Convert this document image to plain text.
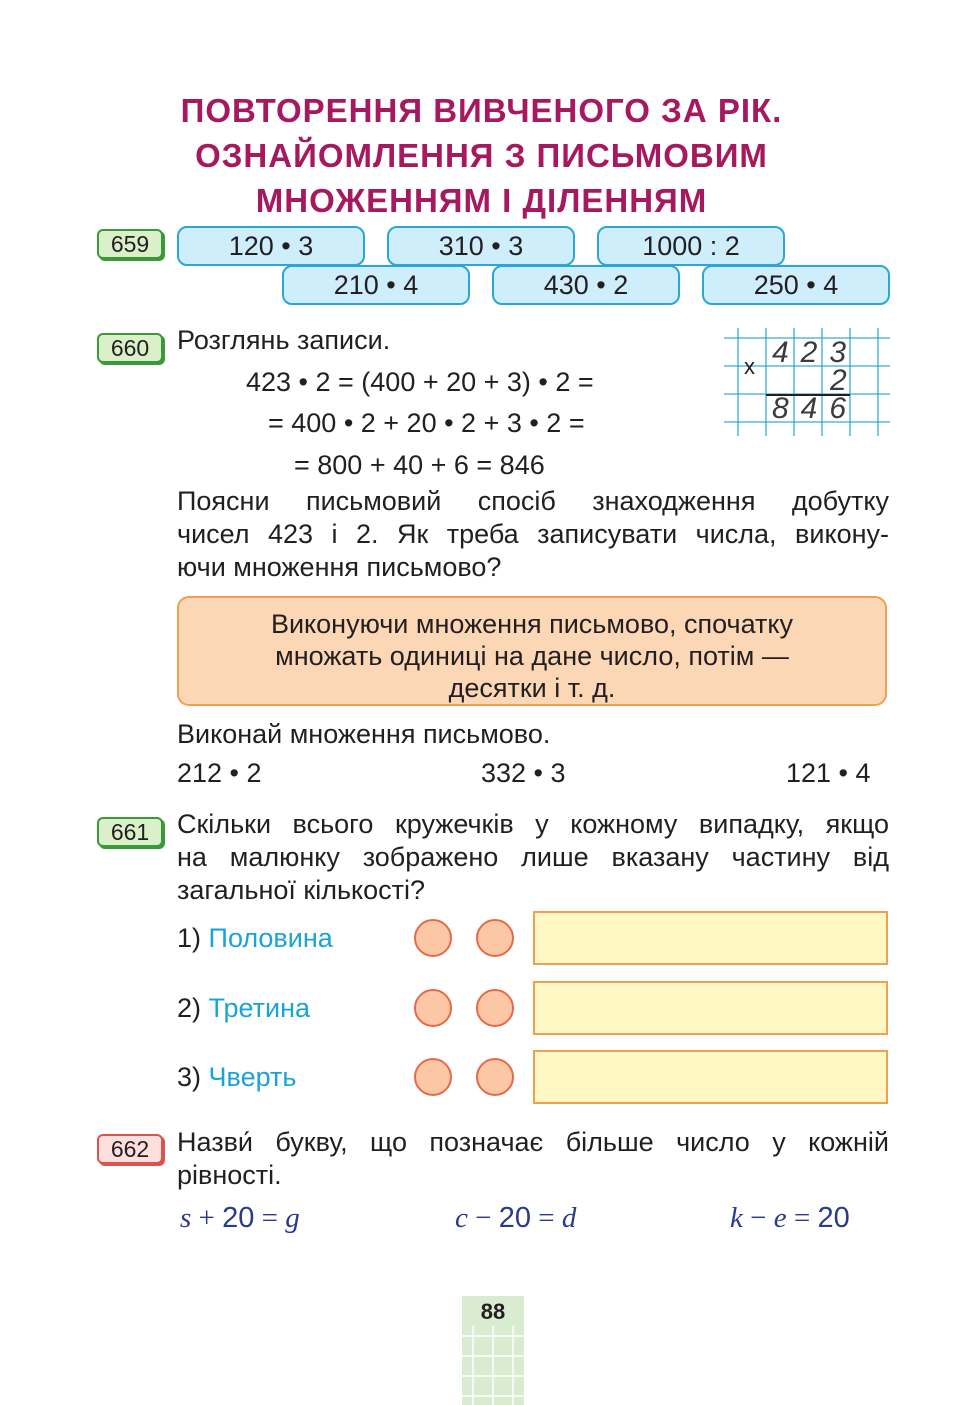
ПОВТОРЕННЯ ВИВЧЕНОГО ЗА РІК.
ОЗНАЙОМЛЕННЯ З ПИСЬМОВИМ
МНОЖЕННЯМ І ДІЛЕННЯМ
659	120 • 3	310 • 3	1000 : 2
210 • 4	430 • 2	250 • 4
660	Розглянь записи.
423 • 2 = (400 + 20 + 3) • 2 =
= 400 • 2 + 20 • 2 + 3 • 2 =
= 800 + 40 + 6 = 846
x 423
2
846
Поясни письмовий спосіб знаходження добутку
чисел 423 і 2. Як треба записувати числа, викону-
ючи множення письмово?
Виконуючи множення письмово, спочатку
множать одиниці на дане число, потім —
десятки і т. д.
Виконай множення письмово.
212 • 2	332 • 3	121 • 4
661	Скільки всього кружечків у кожному випадку, якщо
на малюнку зображено лише вказану частину від
загальної кількості?
1) Половина
2) Третина
3) Чверть
662	Назви́ букву, що позначає більше число у кожній
рівності.
s + 20 = g	c − 20 = d	k − e = 20
88
